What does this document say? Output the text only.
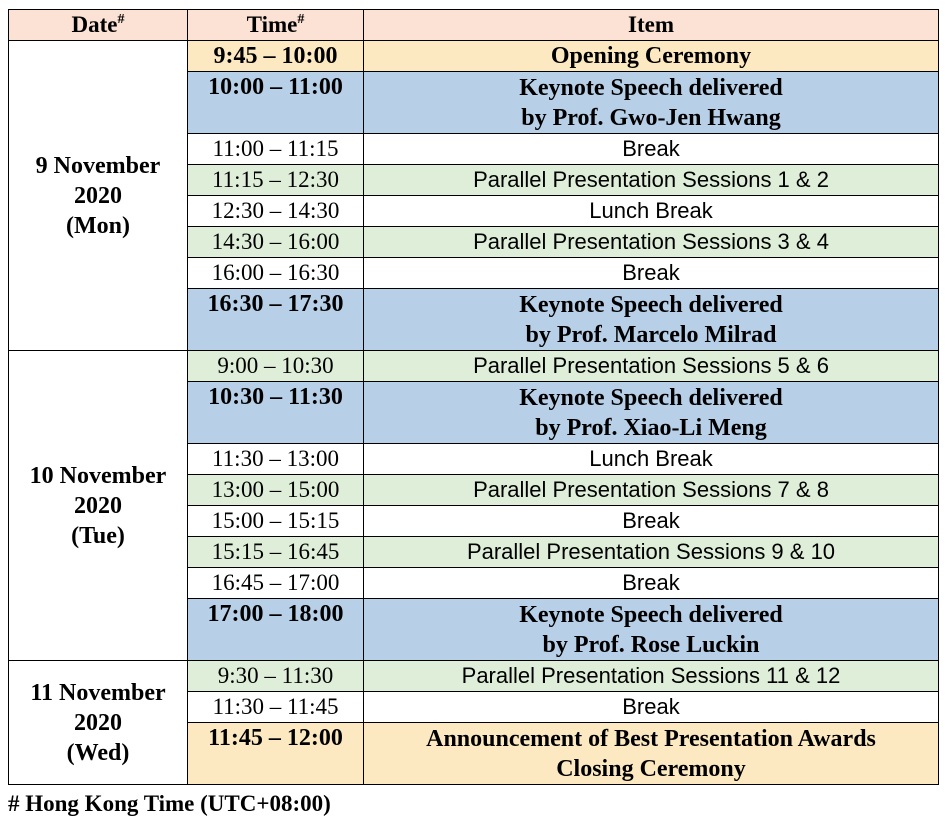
Date#	Time#	Item

9 November
2020
(Mon)	9:45 – 10:00	Opening Ceremony

	10:00 – 11:00	Keynote Speech delivered
by Prof. Gwo-Jen Hwang

	11:00 – 11:15	Break

	11:15 – 12:30	Parallel Presentation Sessions 1 & 2

	12:30 – 14:30	Lunch Break

	14:30 – 16:00	Parallel Presentation Sessions 3 & 4

	16:00 – 16:30	Break

	16:30 – 17:30	Keynote Speech delivered
by Prof. Marcelo Milrad

10 November
2020
(Tue)	9:00 – 10:30	Parallel Presentation Sessions 5 & 6

	10:30 – 11:30	Keynote Speech delivered
by Prof. Xiao-Li Meng

	11:30 – 13:00	Lunch Break

	13:00 – 15:00	Parallel Presentation Sessions 7 & 8

	15:00 – 15:15	Break

	15:15 – 16:45	Parallel Presentation Sessions 9 & 10

	16:45 – 17:00	Break

	17:00 – 18:00	Keynote Speech delivered
by Prof. Rose Luckin

11 November
2020
(Wed)	9:30 – 11:30	Parallel Presentation Sessions 11 & 12

	11:30 – 11:45	Break

	11:45 – 12:00	Announcement of Best Presentation Awards
Closing Ceremony
# Hong Kong Time (UTC+08:00)
